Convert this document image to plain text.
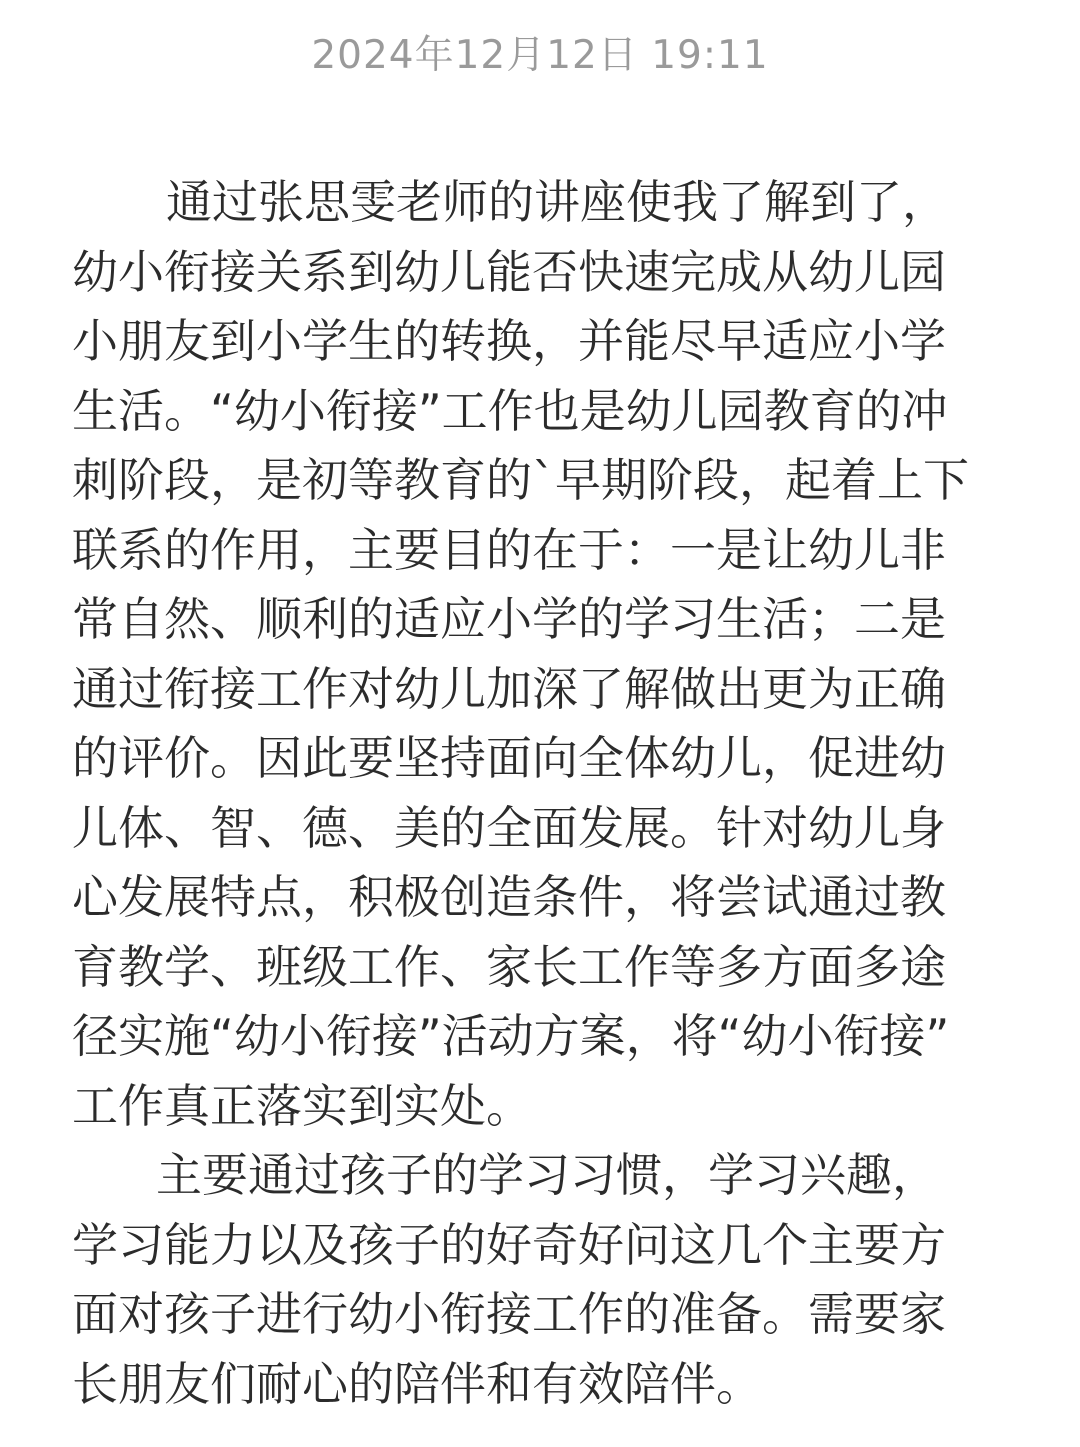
2024年12月12日 19:11
通过张思雯老师的讲座使我了解到了，
幼小衔接关系到幼儿能否快速完成从幼儿园
小朋友到小学生的转换，并能尽早适应小学
生活。“幼小衔接”工作也是幼儿园教育的冲
刺阶段，是初等教育的`早期阶段，起着上下
联系的作用，主要目的在于：一是让幼儿非
常自然、顺利的适应小学的学习生活；二是
通过衔接工作对幼儿加深了解做出更为正确
的评价。因此要坚持面向全体幼儿，促进幼
儿体、智、德、美的全面发展。针对幼儿身
心发展特点，积极创造条件，将尝试通过教
育教学、班级工作、家长工作等多方面多途
径实施“幼小衔接”活动方案，将“幼小衔接”
工作真正落实到实处。
主要通过孩子的学习习惯，学习兴趣，
学习能力以及孩子的好奇好问这几个主要方
面对孩子进行幼小衔接工作的准备。需要家
长朋友们耐心的陪伴和有效陪伴。
